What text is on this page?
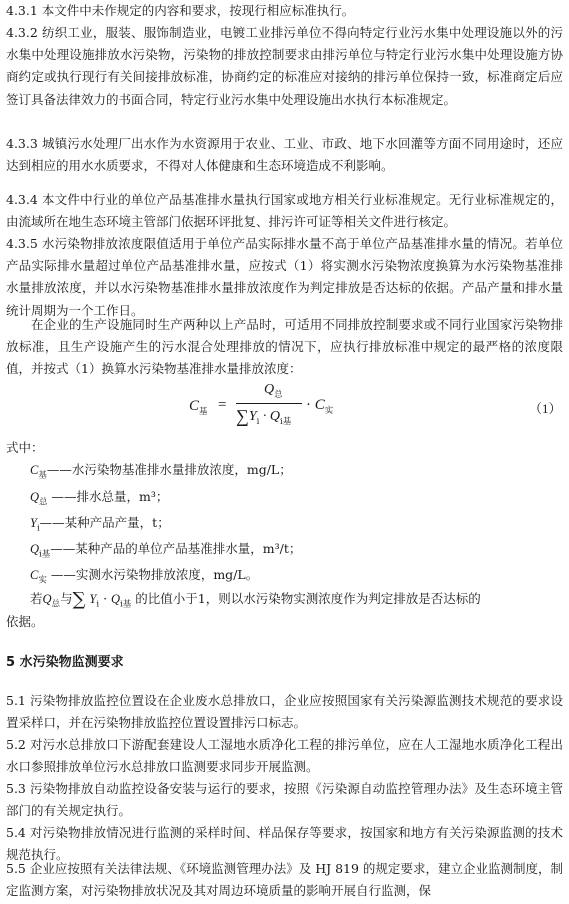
4.3.1 本文件中未作规定的内容和要求，按现行相应标准执行。

4.3.2 纺织工业，服装、服饰制造业，电镀工业排污单位不得向特定行业污水集中处理设施以外的污水集中处理设施排放水污染物，污染物的排放控制要求由排污单位与特定行业污水集中处理设施方协商约定或执行现行有关间接排放标准，协商约定的标准应对接纳的排污单位保持一致，标准商定后应签订具备法律效力的书面合同，特定行业污水集中处理设施出水执行本标准规定。

4.3.3 城镇污水处理厂出水作为水资源用于农业、工业、市政、地下水回灌等方面不同用途时，还应达到相应的用水水质要求，不得对人体健康和生态环境造成不利影响。

4.3.4 本文件中行业的单位产品基准排水量执行国家或地方相关行业标准规定。无行业标准规定的，由流域所在地生态环境主管部门依据环评批复、排污许可证等相关文件进行核定。

4.3.5 水污染物排放浓度限值适用于单位产品实际排水量不高于单位产品基准排水量的情况。若单位产品实际排水量超过单位产品基准排水量，应按式（1）将实测水污染物浓度换算为水污染物基准排水量排放浓度，并以水污染物基准排水量排放浓度作为判定排放是否达标的依据。产品产量和排水量统计周期为一个工作日。

在企业的生产设施同时生产两种以上产品时，可适用不同排放控制要求或不同行业国家污染物排放标准，且生产设施产生的污水混合处理排放的情况下，应执行排放标准中规定的最严格的浓度限值，并按式（1）换算水污染物基准排水量排放浓度：

$C_基$ =
$Q_总$
$\sum Y_i \cdot Q_{i基}$
· $C_实$	（1）

式中：

$C_基——$水污染物基准排水量排放浓度，mg/L；
$Q_总$ ——排水总量，m³；
$Y_i——$某种产品产量，t；
$Q_{i基}——$某种产品的单位产品基准排水量，m³/t；
$C_实$ ——实测水污染物排放浓度，mg/L。
若$Q_总$与∑ $Y_i \cdot Q_{i基}$ 的比值小于1，则以水污染物实测浓度作为判定排放是否达标的

依据。

5 水污染物监测要求

5.1 污染物排放监控位置设在企业废水总排放口，企业应按照国家有关污染源监测技术规范的要求设置采样口，并在污染物排放监控位置设置排污口标志。

5.2 对污水总排放口下游配套建设人工湿地水质净化工程的排污单位，应在人工湿地水质净化工程出水口参照排放单位污水总排放口监测要求同步开展监测。

5.3 污染物排放自动监控设备安装与运行的要求，按照《污染源自动监控管理办法》及生态环境主管部门的有关规定执行。

5.4 对污染物排放情况进行监测的采样时间、样品保存等要求，按国家和地方有关污染源监测的技术规范执行。

5.5 企业应按照有关法律法规、《环境监测管理办法》及 HJ 819 的规定要求，建立企业监测制度，制定监测方案，对污染物排放状况及其对周边环境质量的影响开展自行监测，保
